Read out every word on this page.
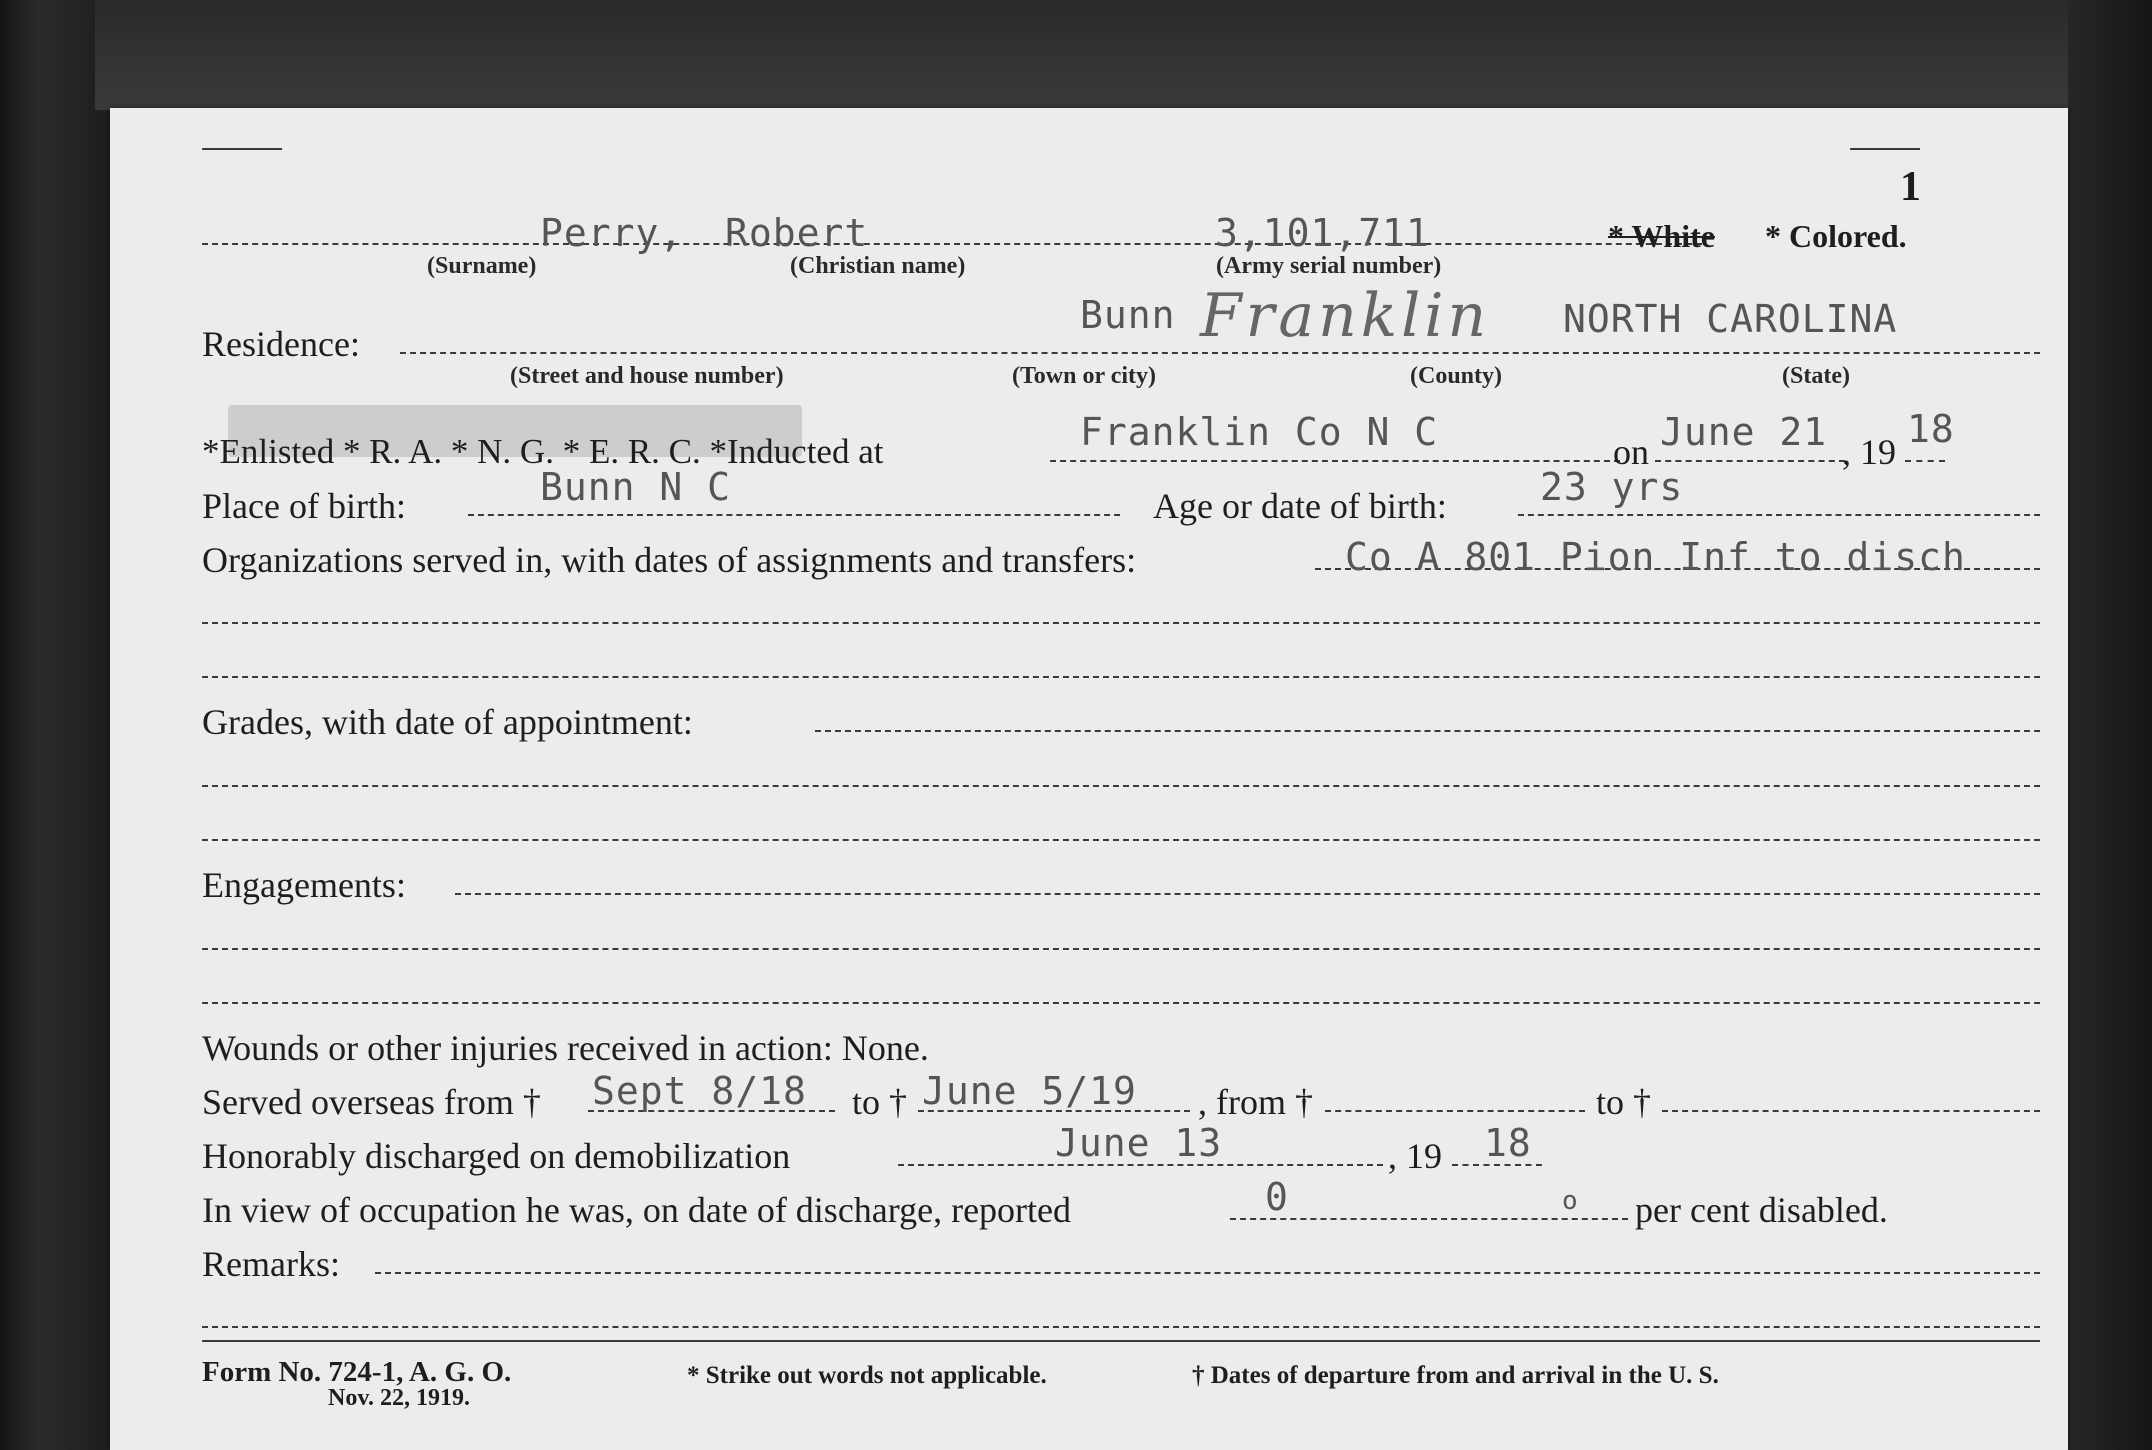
1
Perry, Robert	3,101,711	* White * Colored.
(Surname)	(Christian name)	(Army serial number)
Residence:
Bunn Franklin NORTH CAROLINA
(Street and house number)	(Town or city)	(County)	(State)
*Enlisted * R. A. * N. G. * E. R. C. *Inducted at	Franklin Co N C	on June 21 , 19
18
Place of birth:	Bunn N C	Age or date of birth: 23 yrs
Organizations served in, with dates of assignments and transfers:	Co A 801 Pion Inf to disch
Grades, with date of appointment:
Engagements:
Wounds or other injuries received in action: None.
Served overseas from † Sept 8/18 to † June 5/19 , from †	to †
Honorably discharged on demobilization	June 13	, 19 18
In view of occupation he was, on date of discharge, reported	0	o per cent disabled.
Remarks:
Form No. 724-1, A. G. O.
Nov. 22, 1919.
* Strike out words not applicable.	† Dates of departure from and arrival in the U. S.
